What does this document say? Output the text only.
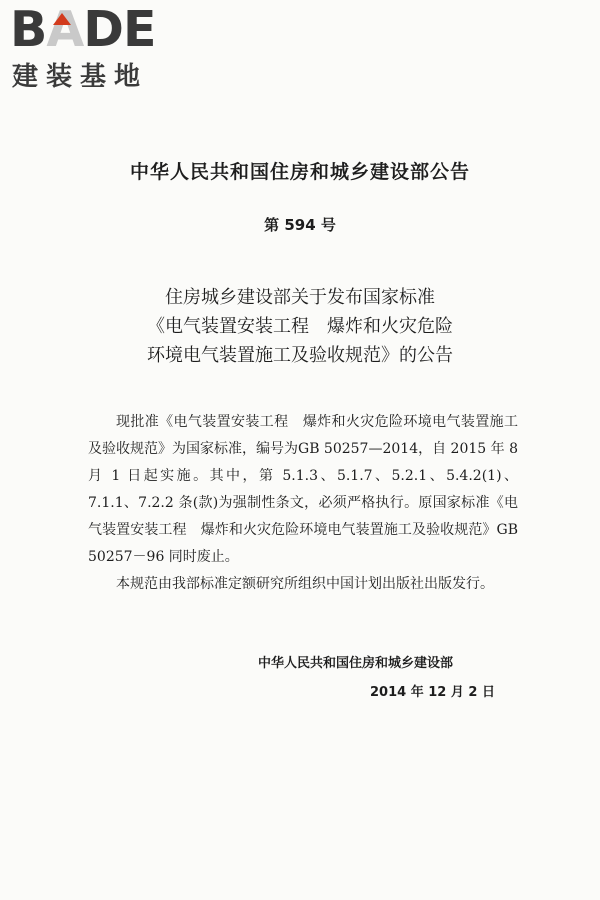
BADE
建装基地
中华人民共和国住房和城乡建设部公告
第 594 号
住房城乡建设部关于发布国家标准
《电气装置安装工程　爆炸和火灾危险
环境电气装置施工及验收规范》的公告

现批准《电气装置安装工程　爆炸和火灾危险环境电气装置施工及验收规范》为国家标准，编号为GB 50257—2014，自 2015 年 8 月 1 日起实施。其中，第 5.1.3、5.1.7、5.2.1、5.4.2(1)、7.1.1、7.2.2 条(款)为强制性条文，必须严格执行。原国家标准《电气装置安装工程　爆炸和火灾危险环境电气装置施工及验收规范》GB 50257－96 同时废止。

本规范由我部标准定额研究所组织中国计划出版社出版发行。

中华人民共和国住房和城乡建设部
2014 年 12 月 2 日
